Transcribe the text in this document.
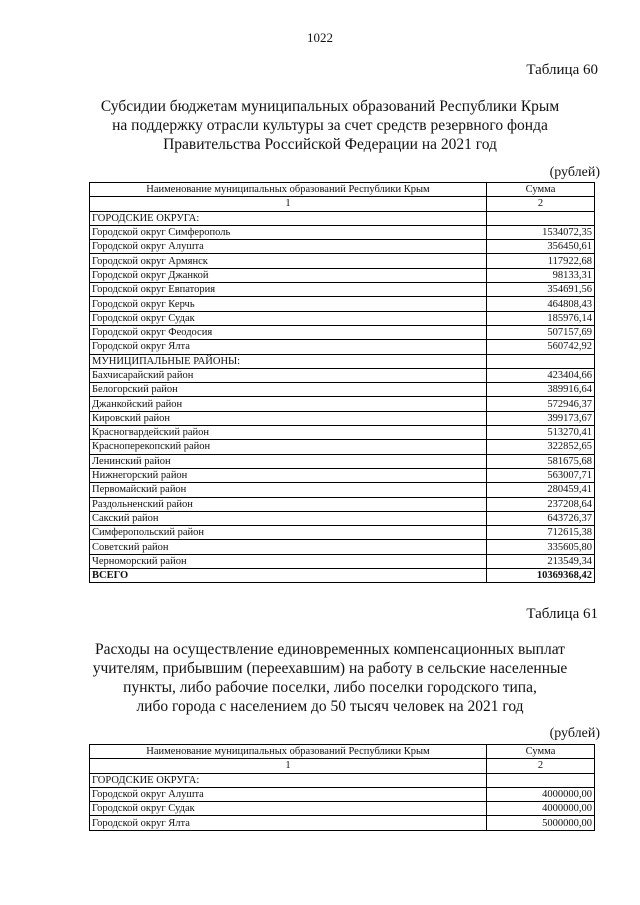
1022
Таблица 60
Субсидии бюджетам муниципальных образований Республики Крым
на поддержку отрасли культуры за счет средств резервного фонда
Правительства Российской Федерации на 2021 год
(рублей)
Наименование муниципальных образований Республики Крым	Сумма
1	2
ГОРОДСКИЕ ОКРУГА:	
Городской округ Симферополь	1534072,35
Городской округ Алушта	356450,61
Городской округ Армянск	117922,68
Городской округ Джанкой	98133,31
Городской округ Евпатория	354691,56
Городской округ Керчь	464808,43
Городской округ Судак	185976,14
Городской округ Феодосия	507157,69
Городской округ Ялта	560742,92
МУНИЦИПАЛЬНЫЕ РАЙОНЫ:	
Бахчисарайский район	423404,66
Белогорский район	389916,64
Джанкойский район	572946,37
Кировский район	399173,67
Красногвардейский район	513270,41
Красноперекопский район	322852,65
Ленинский район	581675,68
Нижнегорский район	563007,71
Первомайский район	280459,41
Раздольненский район	237208,64
Сакский район	643726,37
Симферопольский район	712615,38
Советский район	335605,80
Черноморский район	213549,34
ВСЕГО	10369368,42
Таблица 61
Расходы на осуществление единовременных компенсационных выплат
учителям, прибывшим (переехавшим) на работу в сельские населенные
пункты, либо рабочие поселки, либо поселки городского типа,
либо города с населением до 50 тысяч человек на 2021 год
(рублей)
Наименование муниципальных образований Республики Крым	Сумма
1	2
ГОРОДСКИЕ ОКРУГА:	
Городской округ Алушта	4000000,00
Городской округ Судак	4000000,00
Городской округ Ялта	5000000,00
